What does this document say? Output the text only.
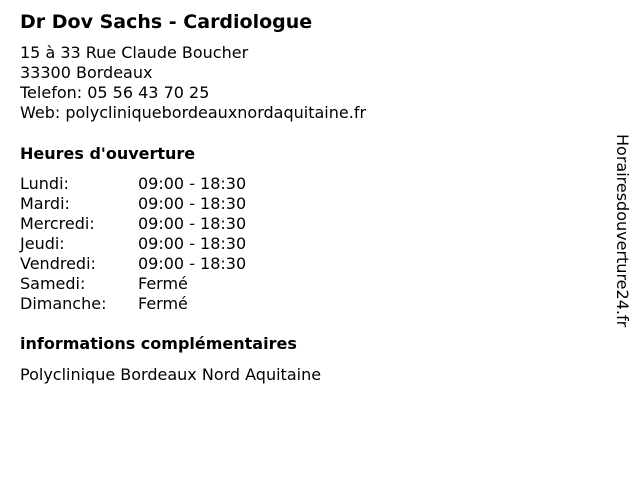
Dr Dov Sachs - Cardiologue
15 à 33 Rue Claude Boucher
33300 Bordeaux
Telefon: 05 56 43 70 25
Web: polycliniquebordeauxnordaquitaine.fr
Heures d'ouverture
Lundi:	09:00 - 18:30
Mardi:	09:00 - 18:30
Mercredi:	09:00 - 18:30
Jeudi:	09:00 - 18:30
Vendredi:	09:00 - 18:30
Samedi:	Fermé
Dimanche:	Fermé
informations complémentaires
Polyclinique Bordeaux Nord Aquitaine
Horairesdouverture24.fr
